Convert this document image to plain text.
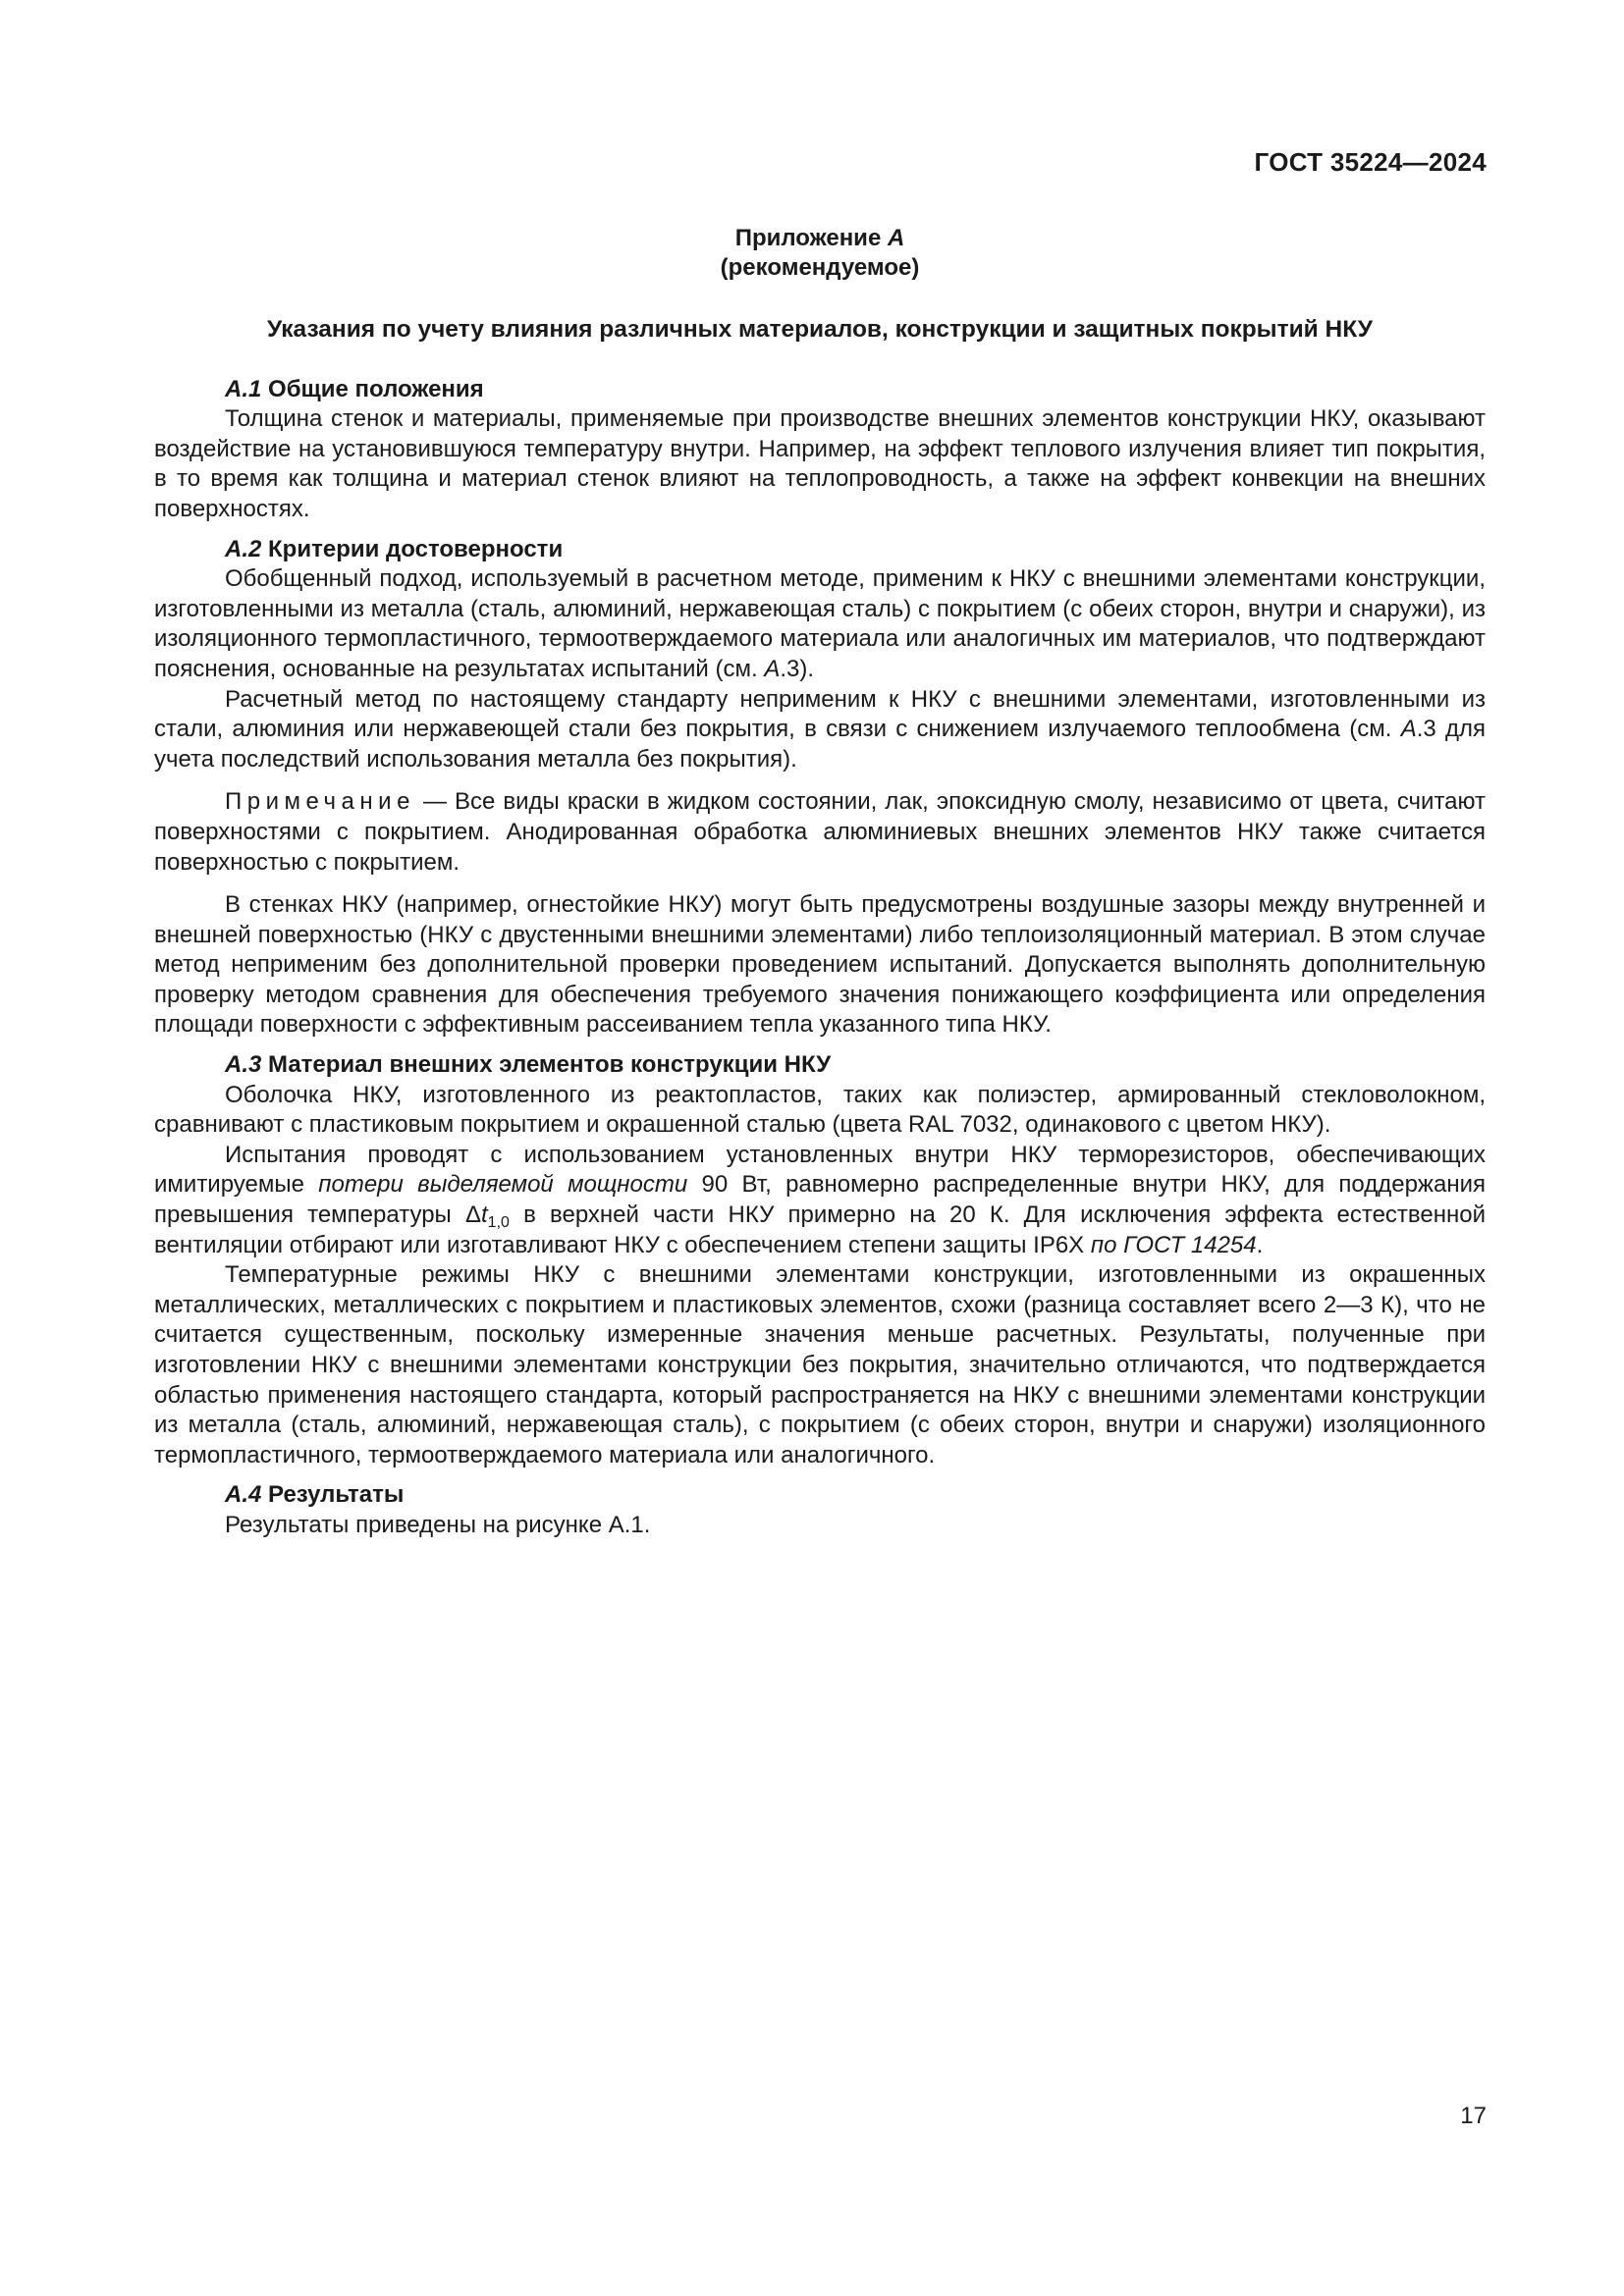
ГОСТ 35224—2024
Приложение А
(рекомендуемое)
Указания по учету влияния различных материалов, конструкции и защитных покрытий НКУ
А.1 Общие положения

Толщина стенок и материалы, применяемые при производстве внешних элементов конструкции НКУ, оказывают воздействие на установившуюся температуру внутри. Например, на эффект теплового излучения влияет тип покрытия, в то время как толщина и материал стенок влияют на теплопроводность, а также на эффект конвекции на внешних поверхностях.

А.2 Критерии достоверности

Обобщенный подход, используемый в расчетном методе, применим к НКУ с внешними элементами конструкции, изготовленными из металла (сталь, алюминий, нержавеющая сталь) с покрытием (с обеих сторон, внутри и снаружи), из изоляционного термопластичного, термоотверждаемого материала или аналогичных им материалов, что подтверждают пояснения, основанные на результатах испытаний (см. А.3).

Расчетный метод по настоящему стандарту неприменим к НКУ с внешними элементами, изготовленными из стали, алюминия или нержавеющей стали без покрытия, в связи с снижением излучаемого теплообмена (см. А.3 для учета последствий использования металла без покрытия).

Примечание — Все виды краски в жидком состоянии, лак, эпоксидную смолу, независимо от цвета, считают поверхностями с покрытием. Анодированная обработка алюминиевых внешних элементов НКУ также считается поверхностью с покрытием.

В стенках НКУ (например, огнестойкие НКУ) могут быть предусмотрены воздушные зазоры между внутренней и внешней поверхностью (НКУ с двустенными внешними элементами) либо теплоизоляционный материал. В этом случае метод неприменим без дополнительной проверки проведением испытаний. Допускается выполнять дополнительную проверку методом сравнения для обеспечения требуемого значения понижающего коэффициента или определения площади поверхности с эффективным рассеиванием тепла указанного типа НКУ.

А.3 Материал внешних элементов конструкции НКУ

Оболочка НКУ, изготовленного из реактопластов, таких как полиэстер, армированный стекловолокном, сравнивают с пластиковым покрытием и окрашенной сталью (цвета RAL 7032, одинакового с цветом НКУ).

Испытания проводят с использованием установленных внутри НКУ терморезисторов, обеспечивающих имитируемые потери выделяемой мощности 90 Вт, равномерно распределенные внутри НКУ, для поддержания превышения температуры $\Delta t_{1,0}$ в верхней части НКУ примерно на 20 К. Для исключения эффекта естественной вентиляции отбирают или изготавливают НКУ с обеспечением степени защиты IP6X по ГОСТ 14254.

Температурные режимы НКУ с внешними элементами конструкции, изготовленными из окрашенных металлических, металлических с покрытием и пластиковых элементов, схожи (разница составляет всего 2—3 К), что не считается существенным, поскольку измеренные значения меньше расчетных. Результаты, полученные при изготовлении НКУ с внешними элементами конструкции без покрытия, значительно отличаются, что подтверждается областью применения настоящего стандарта, который распространяется на НКУ с внешними элементами конструкции из металла (сталь, алюминий, нержавеющая сталь), с покрытием (с обеих сторон, внутри и снаружи) изоляционного термопластичного, термоотверждаемого материала или аналогичного.

А.4 Результаты

Результаты приведены на рисунке А.1.

17
